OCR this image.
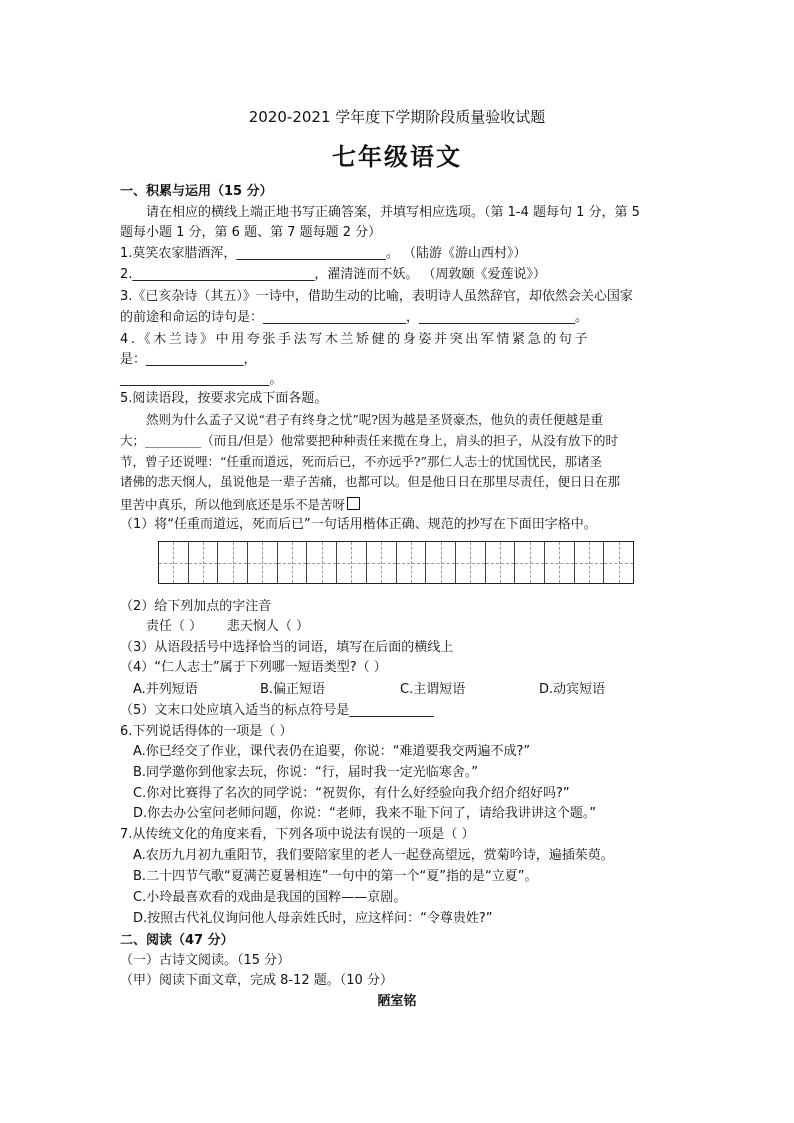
2020-2021 学年度下学期阶段质量验收试题
七年级语文
一、积累与运用（15 分）
请在相应的横线上端正地书写正确答案，并填写相应选项。（第 1-4 题每句 1 分，第 5
题每小题 1 分，第 6 题、第 7 题每题 2 分）
1.莫笑农家腊酒浑，_______________________。 （陆游《游山西村》）
2.____________________________，濯清涟而不妖。 （周敦颐《爱莲说》）
3.《已亥杂诗（其五）》一诗中，借助生动的比喻，表明诗人虽然辞官，却依然会关心国家
的前途和命运的诗句是：______________________，________________________。
4.《木兰诗》中用夸张手法写木兰矫健的身姿并突出军情紧急的句子
是：_______________，
_______________________。
5.阅读语段，按要求完成下面各题。
然则为什么孟子又说“君子有终身之忧”呢?因为越是圣贤豪杰，他负的责任便越是重
大；_________（而且/但是）他常要把种种责任来揽在身上，肩头的担子，从没有放下的时
节，曾子还说哩：“任重而道远，死而后已，不亦远乎?”那仁人志士的忧国忧民，那诸圣
诸佛的悲天悯人，虽说他是一辈子苦痛，也都可以。但是他日日在那里尽责任，便日日在那
里苦中真乐，所以他到底还是乐不是苦呀
（1）将“任重而道远，死而后已”一句话用楷体正确、规范的抄写在下面田字格中。
（2）给下列加点的字注音
责任（ ）      悲天悯人（ ）
（3）从语段括号中选择恰当的词语，填写在后面的横线上
（4）“仁人志士”属于下列哪一短语类型?（ ）
A.并列短语	B.偏正短语	C.主谓短语	D.动宾短语
（5）文末口处应填入适当的标点符号是_____________
6.下列说话得体的一项是（ ）
A.你已经交了作业，课代表仍在追要，你说：“难道要我交两遍不成?”
B.同学邀你到他家去玩，你说：“行，届时我一定光临寒舍。”
C.你对比赛得了名次的同学说：“祝贺你，有什么好经验向我介绍介绍好吗?”
D.你去办公室问老师问题，你说：“老师，我来不耻下问了，请给我讲讲这个题。”
7.从传统文化的角度来看，下列各项中说法有误的一项是（ ）
A.农历九月初九重阳节，我们要陪家里的老人一起登高望远，赏菊吟诗，遍插茱萸。
B.二十四节气歌“夏满芒夏暑相连”一句中的第一个“夏”指的是“立夏”。
C.小玲最喜欢看的戏曲是我国的国粹——京剧。
D.按照古代礼仪询问他人母亲姓氏时，应这样问：“令尊贵姓?”
二、阅读（47 分）
（一）古诗文阅读。（15 分）
（甲）阅读下面文章，完成 8-12 题。（10 分）
陋室铭
